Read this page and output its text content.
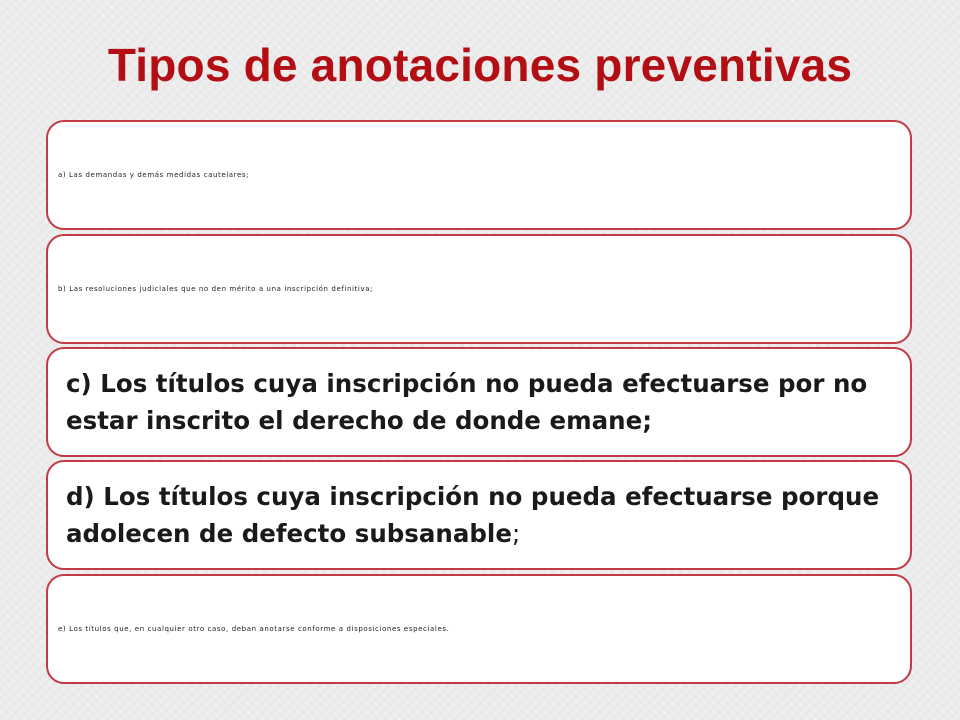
Tipos de anotaciones preventivas
a) Las demandas y demás medidas cautelares;
b) Las resoluciones judiciales que no den mérito a una inscripción definitiva;
c) Los títulos cuya inscripción no pueda efectuarse por no estar inscrito el derecho de donde emane;
d) Los títulos cuya inscripción no pueda efectuarse porque adolecen de defecto subsanable;
e) Los títulos que, en cualquier otro caso, deban anotarse conforme a disposiciones especiales.
